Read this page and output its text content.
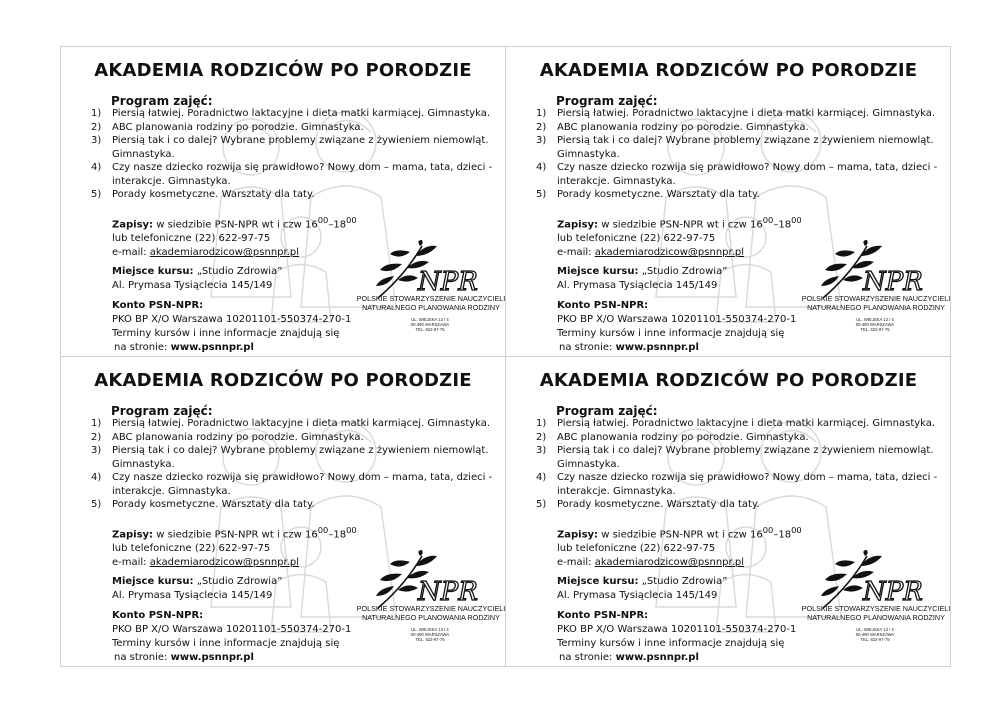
AKADEMIA RODZICÓW PO PORODZIE
Program zajęć:
1) Piersią łatwiej. Poradnictwo laktacyjne i dieta matki karmiącej. Gimnastyka.
2) ABC planowania rodziny po porodzie. Gimnastyka.
3) Piersią tak i co dalej? Wybrane problemy związane z żywieniem niemowląt. Gimnastyka.
4) Czy nasze dziecko rozwija się prawidłowo? Nowy dom – mama, tata, dzieci - interakcje. Gimnastyka.
5) Porady kosmetyczne. Warsztaty dla taty.
Zapisy: w siedzibie PSN-NPR wt i czw $16^{00}-18^{00}$
lub telefoniczne (22) 622-97-75
e-mail: akademiarodzicow@psnnpr.pl
Miejsce kursu: „Studio Zdrowia”
Al. Prymasa Tysiąclecia 145/149
Konto PSN-NPR:
PKO BP X/O Warszawa 10201101-550374-270-1
Terminy kursów i inne informacje znajdują się
na stronie: www.psnnpr.pl
NPR
POLSKIE STOWARZYSZENIE NAUCZYCIELI
NATURALNEGO PLANOWANIA RODZINY
UL. WIEJSKA 13 / 4
00-490 WARSZAWA
TEL. 622-97-75
AKADEMIA RODZICÓW PO PORODZIE
Program zajęć:
1) Piersią łatwiej. Poradnictwo laktacyjne i dieta matki karmiącej. Gimnastyka.
2) ABC planowania rodziny po porodzie. Gimnastyka.
3) Piersią tak i co dalej? Wybrane problemy związane z żywieniem niemowląt. Gimnastyka.
4) Czy nasze dziecko rozwija się prawidłowo? Nowy dom – mama, tata, dzieci - interakcje. Gimnastyka.
5) Porady kosmetyczne. Warsztaty dla taty.
Zapisy: w siedzibie PSN-NPR wt i czw $16^{00}-18^{00}$
lub telefoniczne (22) 622-97-75
e-mail: akademiarodzicow@psnnpr.pl
Miejsce kursu: „Studio Zdrowia”
Al. Prymasa Tysiąclecia 145/149
Konto PSN-NPR:
PKO BP X/O Warszawa 10201101-550374-270-1
Terminy kursów i inne informacje znajdują się
na stronie: www.psnnpr.pl
NPR
POLSKIE STOWARZYSZENIE NAUCZYCIELI
NATURALNEGO PLANOWANIA RODZINY
UL. WIEJSKA 13 / 4
00-490 WARSZAWA
TEL. 622-97-75
AKADEMIA RODZICÓW PO PORODZIE
Program zajęć:
1) Piersią łatwiej. Poradnictwo laktacyjne i dieta matki karmiącej. Gimnastyka.
2) ABC planowania rodziny po porodzie. Gimnastyka.
3) Piersią tak i co dalej? Wybrane problemy związane z żywieniem niemowląt. Gimnastyka.
4) Czy nasze dziecko rozwija się prawidłowo? Nowy dom – mama, tata, dzieci - interakcje. Gimnastyka.
5) Porady kosmetyczne. Warsztaty dla taty.
Zapisy: w siedzibie PSN-NPR wt i czw $16^{00}-18^{00}$
lub telefoniczne (22) 622-97-75
e-mail: akademiarodzicow@psnnpr.pl
Miejsce kursu: „Studio Zdrowia”
Al. Prymasa Tysiąclecia 145/149
Konto PSN-NPR:
PKO BP X/O Warszawa 10201101-550374-270-1
Terminy kursów i inne informacje znajdują się
na stronie: www.psnnpr.pl
NPR
POLSKIE STOWARZYSZENIE NAUCZYCIELI
NATURALNEGO PLANOWANIA RODZINY
UL. WIEJSKA 13 / 4
00-490 WARSZAWA
TEL. 622-97-75
AKADEMIA RODZICÓW PO PORODZIE
Program zajęć:
1) Piersią łatwiej. Poradnictwo laktacyjne i dieta matki karmiącej. Gimnastyka.
2) ABC planowania rodziny po porodzie. Gimnastyka.
3) Piersią tak i co dalej? Wybrane problemy związane z żywieniem niemowląt. Gimnastyka.
4) Czy nasze dziecko rozwija się prawidłowo? Nowy dom – mama, tata, dzieci - interakcje. Gimnastyka.
5) Porady kosmetyczne. Warsztaty dla taty.
Zapisy: w siedzibie PSN-NPR wt i czw $16^{00}-18^{00}$
lub telefoniczne (22) 622-97-75
e-mail: akademiarodzicow@psnnpr.pl
Miejsce kursu: „Studio Zdrowia”
Al. Prymasa Tysiąclecia 145/149
Konto PSN-NPR:
PKO BP X/O Warszawa 10201101-550374-270-1
Terminy kursów i inne informacje znajdują się
na stronie: www.psnnpr.pl
NPR
POLSKIE STOWARZYSZENIE NAUCZYCIELI
NATURALNEGO PLANOWANIA RODZINY
UL. WIEJSKA 13 / 4
00-490 WARSZAWA
TEL. 622-97-75
